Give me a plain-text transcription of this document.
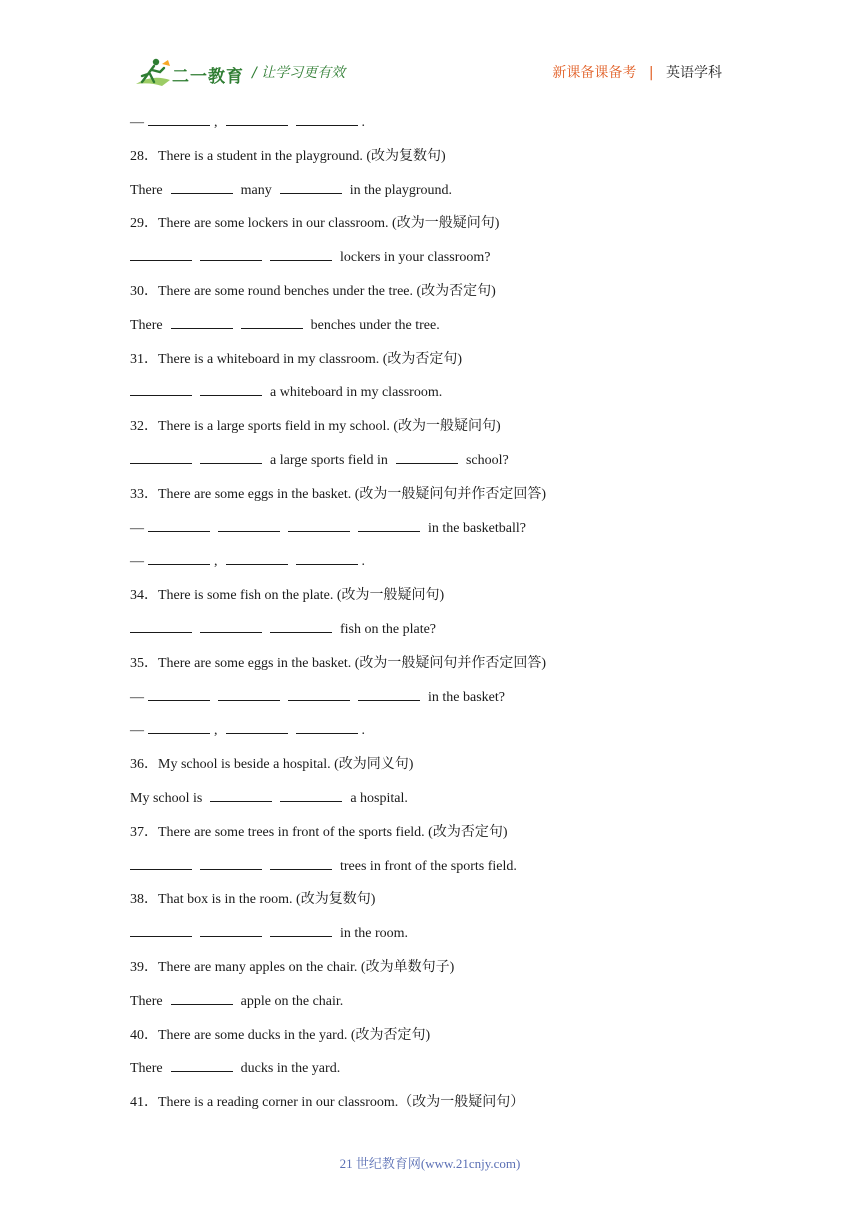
二一教育 / 让学习更有效	新课备课备考 | 英语学科
—	,	.
28．There is a student in the playground. (改为复数句)
There	many	in the playground.
29．There are some lockers in our classroom. (改为一般疑问句)
lockers in your classroom?
30．There are some round benches under the tree. (改为否定句)
There	benches under the tree.
31．There is a whiteboard in my classroom. (改为否定句)
a whiteboard in my classroom.
32．There is a large sports field in my school. (改为一般疑问句)
a large sports field in	school?
33．There are some eggs in the basket. (改为一般疑问句并作否定回答)
—	in the basketball?
—	,	.
34．There is some fish on the plate. (改为一般疑问句)
fish on the plate?
35．There are some eggs in the basket. (改为一般疑问句并作否定回答)
—	in the basket?
—	,	.
36．My school is beside a hospital. (改为同义句)
My school is	a hospital.
37．There are some trees in front of the sports field. (改为否定句)
trees in front of the sports field.
38．That box is in the room. (改为复数句)
in the room.
39．There are many apples on the chair. (改为单数句子)
There	apple on the chair.
40．There are some ducks in the yard. (改为否定句)
There	ducks in the yard.
41．There is a reading corner in our classroom.（改为一般疑问句）
21 世纪教育网(www.21cnjy.com)
